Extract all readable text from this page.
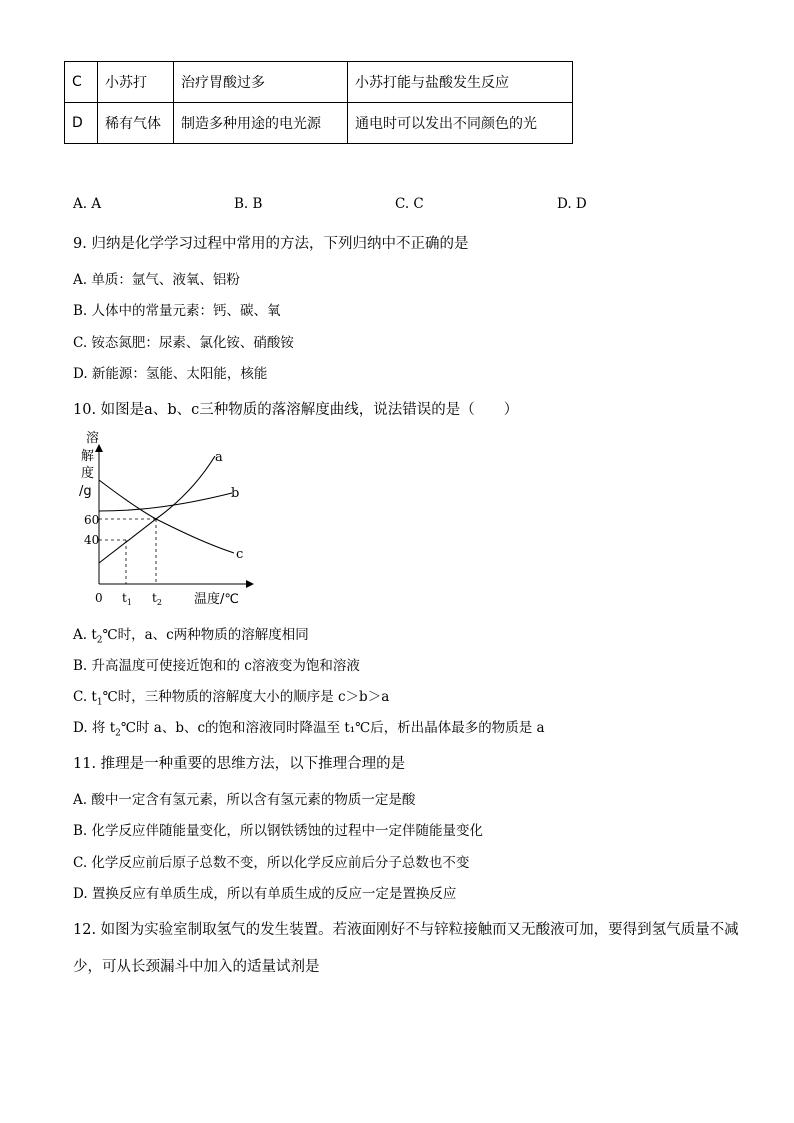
C	小苏打	治疗胃酸过多	小苏打能与盐酸发生反应
D	稀有气体	制造多种用途的电光源	通电时可以发出不同颜色的光
A. A	B. B	C. C	D. D
9. 归纳是化学学习过程中常用的方法，下列归纳中不正确的是
A. 单质：氩气、液氧、铝粉
B. 人体中的常量元素：钙、碳、氧
C. 铵态氮肥：尿素、氯化铵、硝酸铵
D. 新能源：氢能、太阳能，核能
10. 如图是a、b、c三种物质的落溶解度曲线，说法错误的是（　　）
溶
解
度
/g
a
b
c
60
40
0 $t_1$ $t_2$ 温度/℃
A. $t_2℃$时，a、c两种物质的溶解度相同
B. 升高温度可使接近饱和的 c溶液变为饱和溶液
C. $t_1℃$时，三种物质的溶解度大小的顺序是 c＞b＞a
D. 将 $t_2℃$时 a、b、c的饱和溶液同时降温至 t₁℃后，析出晶体最多的物质是 a
11. 推理是一种重要的思维方法，以下推理合理的是
A. 酸中一定含有氢元素，所以含有氢元素的物质一定是酸
B. 化学反应伴随能量变化，所以钢铁锈蚀的过程中一定伴随能量变化
C. 化学反应前后原子总数不变，所以化学反应前后分子总数也不变
D. 置换反应有单质生成，所以有单质生成的反应一定是置换反应
12. 如图为实验室制取氢气的发生装置。若液面刚好不与锌粒接触而又无酸液可加，要得到氢气质量不减
少，可从长颈漏斗中加入的适量试剂是
